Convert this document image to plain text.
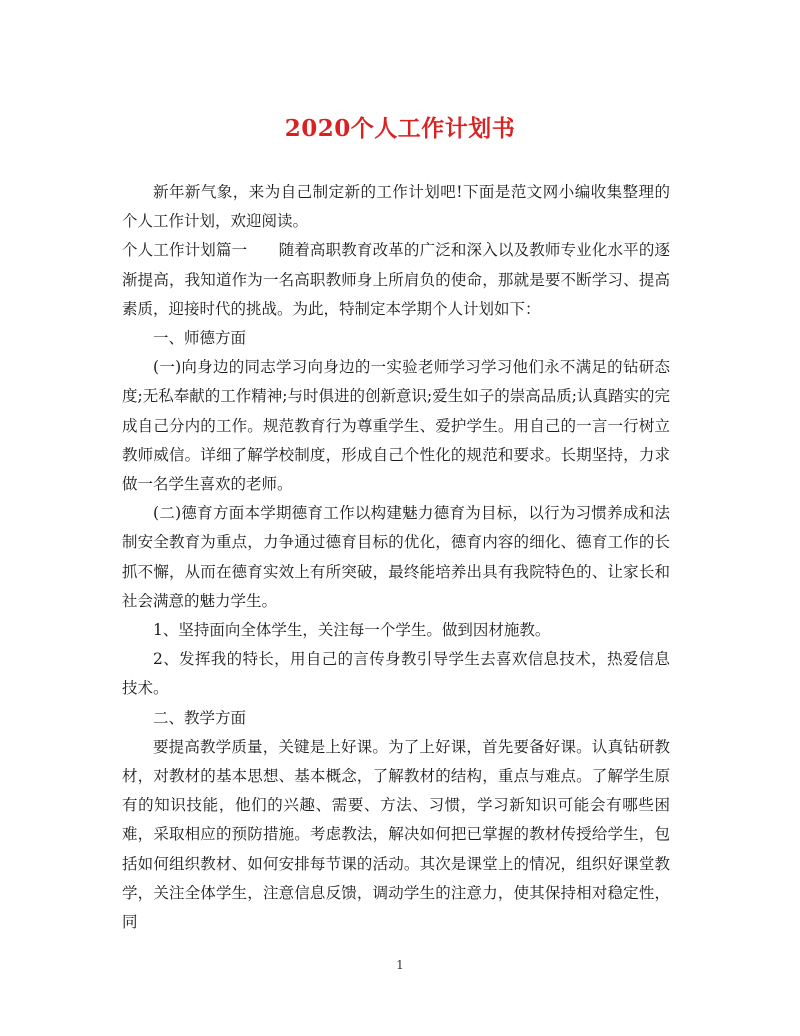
2020个人工作计划书

新年新气象，来为自己制定新的工作计划吧!下面是范文网小编收集整理的个人工作计划，欢迎阅读。

个人工作计划篇一　　随着高职教育改革的广泛和深入以及教师专业化水平的逐渐提高，我知道作为一名高职教师身上所肩负的使命，那就是要不断学习、提高素质，迎接时代的挑战。为此，特制定本学期个人计划如下：

一、师德方面

(一)向身边的同志学习向身边的一实验老师学习学习他们永不满足的钻研态度;无私奉献的工作精神;与时俱进的创新意识;爱生如子的崇高品质;认真踏实的完成自己分内的工作。规范教育行为尊重学生、爱护学生。用自己的一言一行树立教师威信。详细了解学校制度，形成自己个性化的规范和要求。长期坚持，力求做一名学生喜欢的老师。

(二)德育方面本学期德育工作以构建魅力德育为目标，以行为习惯养成和法制安全教育为重点，力争通过德育目标的优化，德育内容的细化、德育工作的长抓不懈，从而在德育实效上有所突破，最终能培养出具有我院特色的、让家长和社会满意的魅力学生。

1、坚持面向全体学生，关注每一个学生。做到因材施教。

2、发挥我的特长，用自己的言传身教引导学生去喜欢信息技术，热爱信息技术。

二、教学方面

要提高教学质量，关键是上好课。为了上好课，首先要备好课。认真钻研教材，对教材的基本思想、基本概念，了解教材的结构，重点与难点。了解学生原有的知识技能，他们的兴趣、需要、方法、习惯，学习新知识可能会有哪些困难，采取相应的预防措施。考虑教法，解决如何把已掌握的教材传授给学生，包括如何组织教材、如何安排每节课的活动。其次是课堂上的情况，组织好课堂教学，关注全体学生，注意信息反馈，调动学生的注意力，使其保持相对稳定性，同

1
